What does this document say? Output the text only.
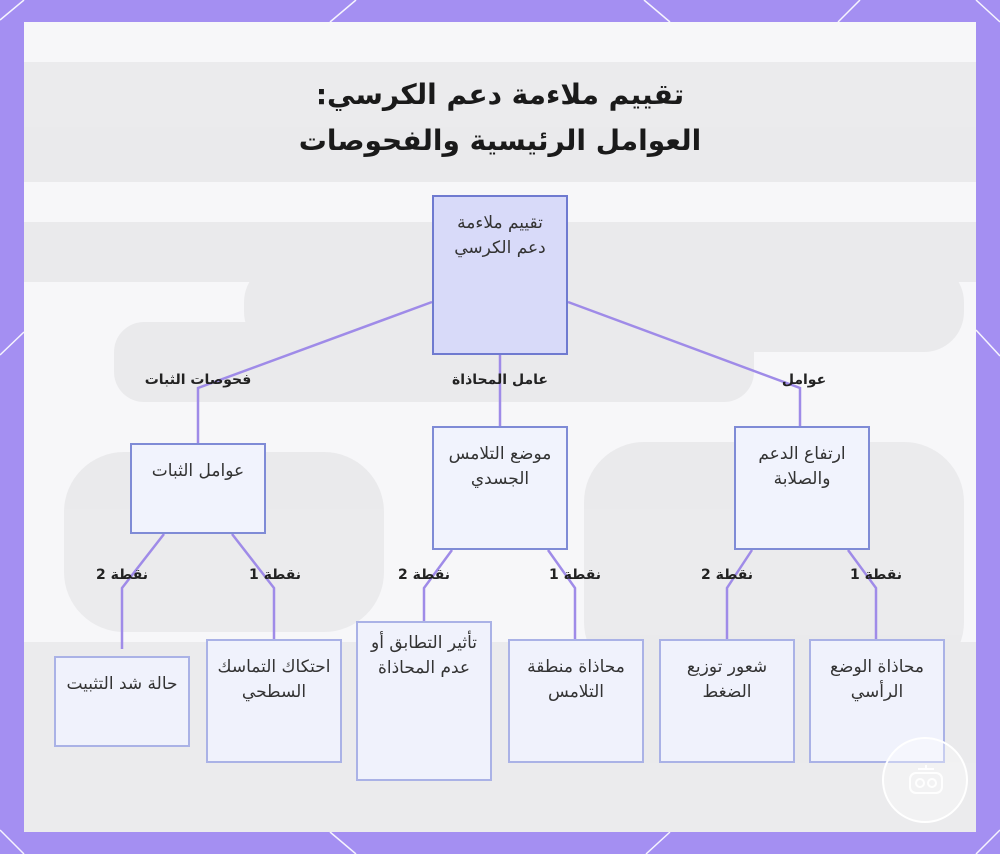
تقييم ملاءمة دعم الكرسي:
العوامل الرئيسية والفحوصات
تقييم ملاءمة دعم الكرسي
عوامل الثبات
موضع التلامس الجسدي
ارتفاع الدعم والصلابة
حالة شد التثبيت
احتكاك التماسك السطحي
تأثير التطابق أو عدم المحاذاة	محاذاة منطقة التلامس
شعور توزيع الضغط
محاذاة الوضع الرأسي
فحوصات الثبات	عامل المحاذاة	عوامل
نقطة 2	نقطة 1	نقطة 2	نقطة 1	نقطة 2	نقطة 1
